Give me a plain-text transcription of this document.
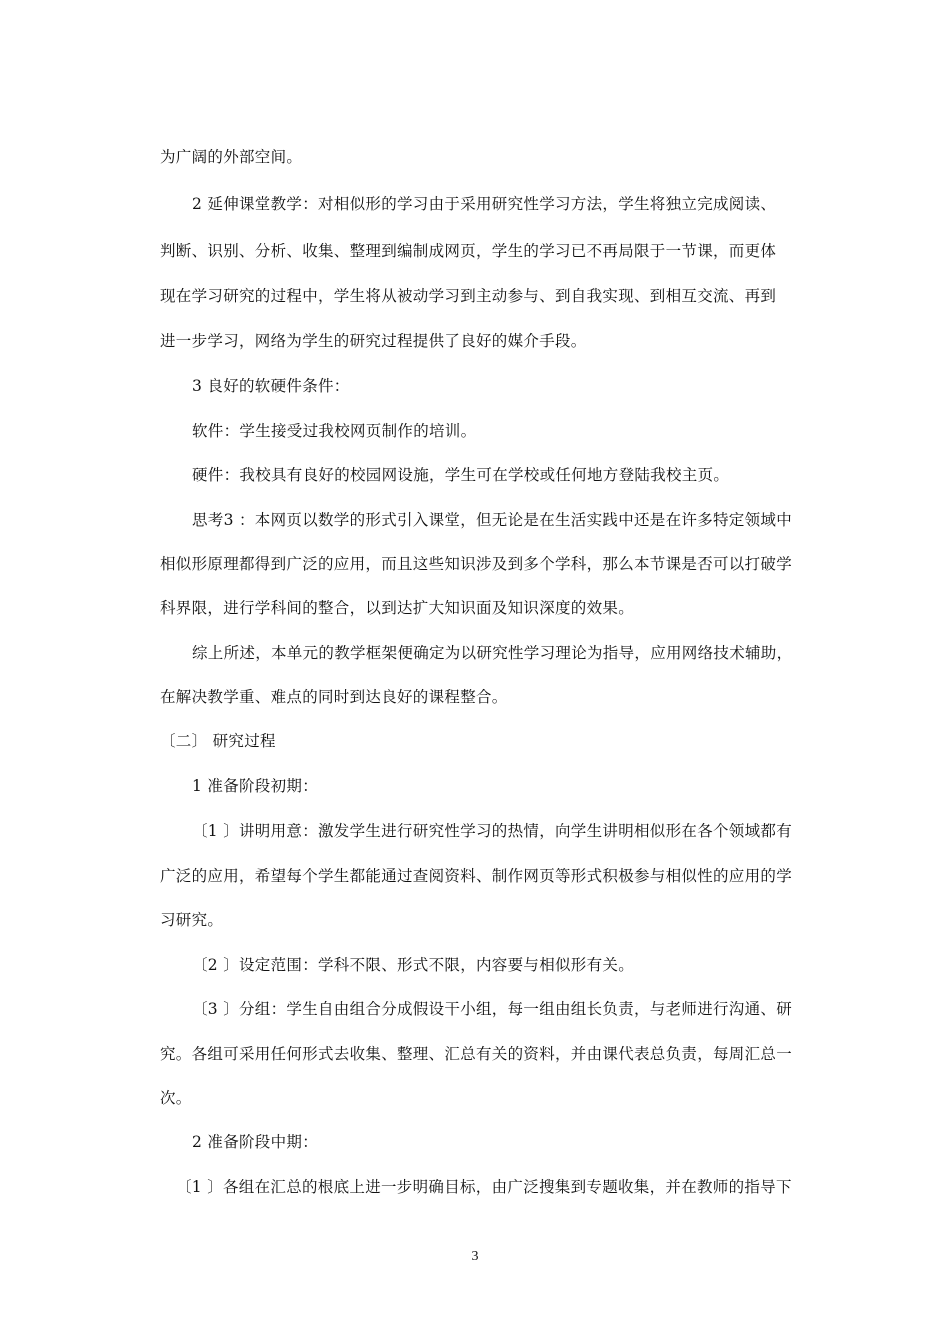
为广阔的外部空间。
2 延伸课堂教学：对相似形的学习由于采用研究性学习方法，学生将独立完成阅读、
判断、识别、分析、收集、整理到编制成网页，学生的学习已不再局限于一节课，而更体
现在学习研究的过程中，学生将从被动学习到主动参与、到自我实现、到相互交流、再到
进一步学习，网络为学生的研究过程提供了良好的媒介手段。
3 良好的软硬件条件：
软件：学生接受过我校网页制作的培训。
硬件：我校具有良好的校园网设施，学生可在学校或任何地方登陆我校主页。
思考3 ：本网页以数学的形式引入课堂，但无论是在生活实践中还是在许多特定领域中
相似形原理都得到广泛的应用，而且这些知识涉及到多个学科，那么本节课是否可以打破学
科界限，进行学科间的整合，以到达扩大知识面及知识深度的效果。
综上所述，本单元的教学框架便确定为以研究性学习理论为指导，应用网络技术辅助，
在解决教学重、难点的同时到达良好的课程整合。
〔二〕 研究过程
1 准备阶段初期：
〔1 〕讲明用意：激发学生进行研究性学习的热情，向学生讲明相似形在各个领域都有
广泛的应用，希望每个学生都能通过查阅资料、制作网页等形式积极参与相似性的应用的学
习研究。
〔2 〕设定范围：学科不限、形式不限，内容要与相似形有关。
〔3 〕分组：学生自由组合分成假设干小组，每一组由组长负责，与老师进行沟通、研
究。各组可采用任何形式去收集、整理、汇总有关的资料，并由课代表总负责，每周汇总一
次。
2 准备阶段中期：
〔1 〕各组在汇总的根底上进一步明确目标，由广泛搜集到专题收集，并在教师的指导下
3
